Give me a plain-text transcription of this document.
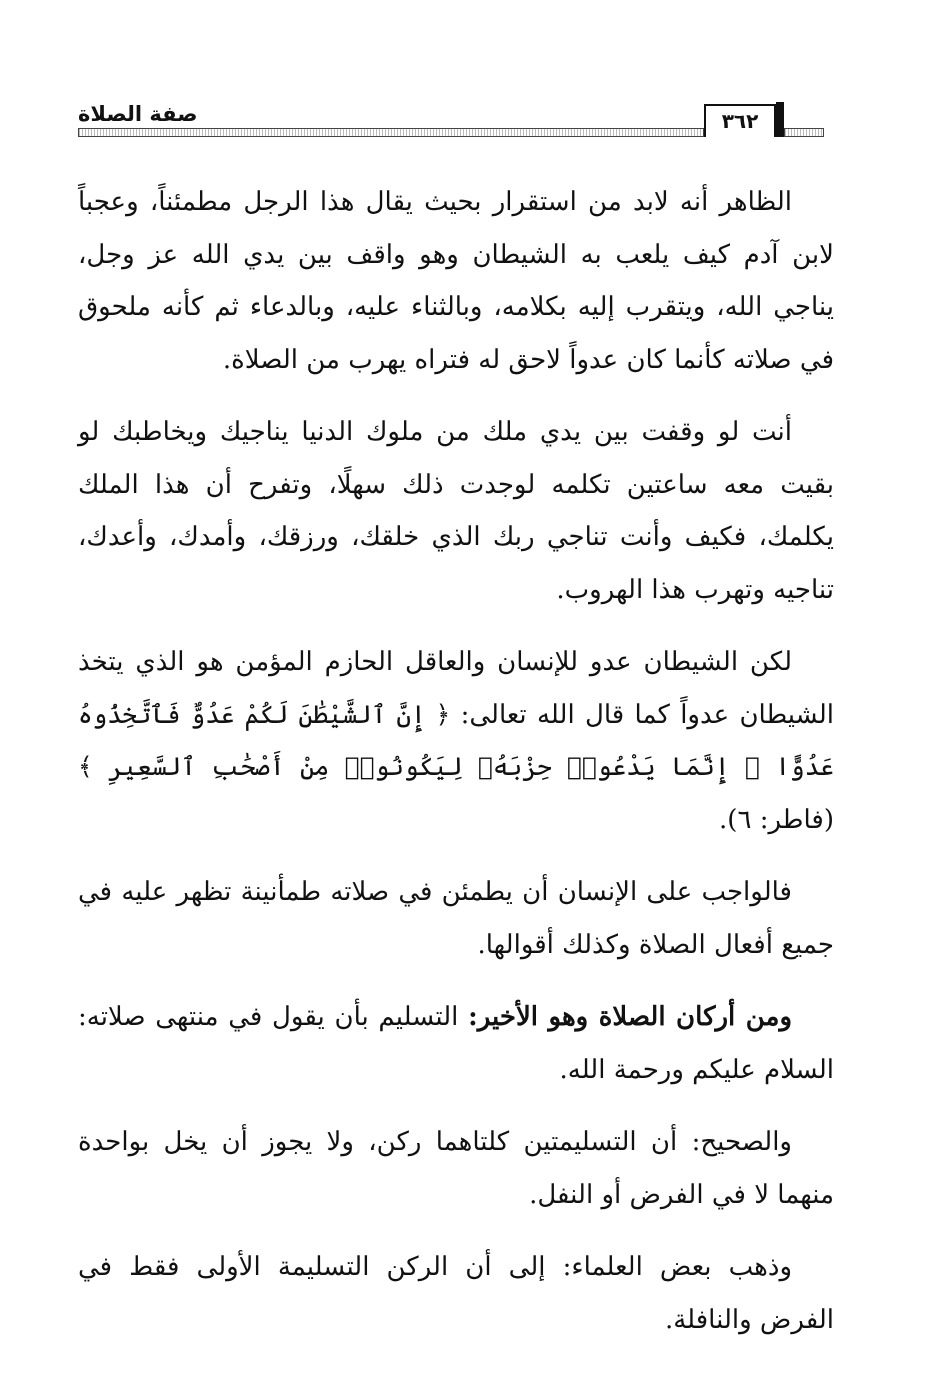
صفة الصلاة	٣٦٢

الظاهر أنه لابد من استقرار بحيث يقال هذا الرجل مطمئناً، وعجباً لابن آدم كيف يلعب به الشيطان وهو واقف بين يدي الله عز وجل، يناجي الله، ويتقرب إليه بكلامه، وبالثناء عليه، وبالدعاء ثم كأنه ملحوق في صلاته كأنما كان عدواً لاحق له فتراه يهرب من الصلاة.

أنت لو وقفت بين يدي ملك من ملوك الدنيا يناجيك ويخاطبك لو بقيت معه ساعتين تكلمه لوجدت ذلك سهلًا، وتفرح أن هذا الملك يكلمك، فكيف وأنت تناجي ربك الذي خلقك، ورزقك، وأمدك، وأعدك، تناجيه وتهرب هذا الهروب.

لكن الشيطان عدو للإنسان والعاقل الحازم المؤمن هو الذي يتخذ الشيطان عدواً كما قال الله تعالى: ﴿ إِنَّ ٱلشَّيْطَٰنَ لَكُمْ عَدُوٌّ فَٱتَّخِذُوهُ عَدُوًّا ۚ إِنَّمَا يَدْعُوا۟ حِزْبَهُۥ لِيَكُونُوا۟ مِنْ أَصْحَٰبِ ٱلسَّعِيرِ ﴾ (فاطر: ٦).

فالواجب على الإنسان أن يطمئن في صلاته طمأنينة تظهر عليه في جميع أفعال الصلاة وكذلك أقوالها.

ومن أركان الصلاة وهو الأخير: التسليم بأن يقول في منتهى صلاته: السلام عليكم ورحمة الله.

والصحيح: أن التسليمتين كلتاهما ركن، ولا يجوز أن يخل بواحدة منهما لا في الفرض أو النفل.

وذهب بعض العلماء: إلى أن الركن التسليمة الأولى فقط في الفرض والنافلة.
